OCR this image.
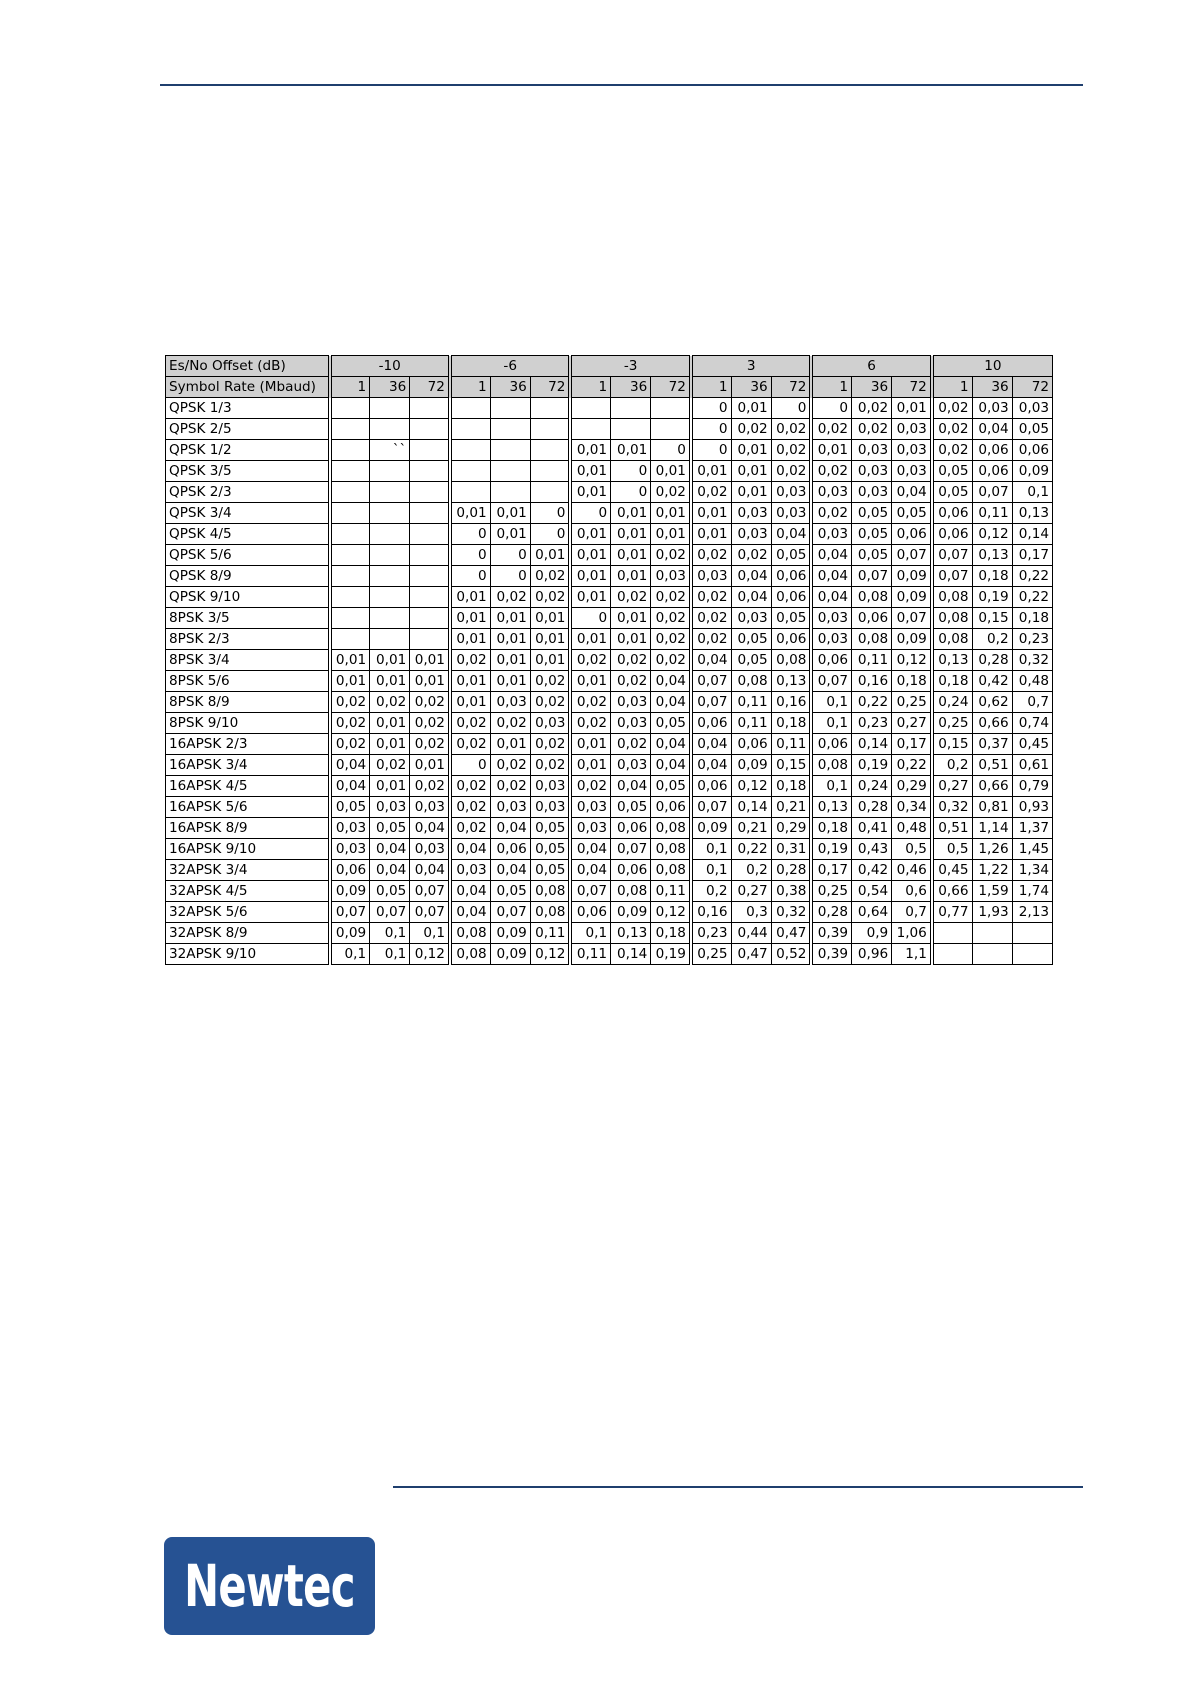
Es/No Offset (dB)	-10			-6			-3			3			6			10		
Symbol Rate (Mbaud)	1	36	72	1	36	72	1	36	72	1	36	72	1	36	72	1	36	72
QPSK 1/3										0	0,01	0	0	0,02	0,01	0,02	0,03	0,03
QPSK 2/5										0	0,02	0,02	0,02	0,02	0,03	0,02	0,04	0,05
QPSK 1/2		``					0,01	0,01	0	0	0,01	0,02	0,01	0,03	0,03	0,02	0,06	0,06
QPSK 3/5							0,01	0	0,01	0,01	0,01	0,02	0,02	0,03	0,03	0,05	0,06	0,09
QPSK 2/3							0,01	0	0,02	0,02	0,01	0,03	0,03	0,03	0,04	0,05	0,07	0,1
QPSK 3/4				0,01	0,01	0	0	0,01	0,01	0,01	0,03	0,03	0,02	0,05	0,05	0,06	0,11	0,13
QPSK 4/5				0	0,01	0	0,01	0,01	0,01	0,01	0,03	0,04	0,03	0,05	0,06	0,06	0,12	0,14
QPSK 5/6				0	0	0,01	0,01	0,01	0,02	0,02	0,02	0,05	0,04	0,05	0,07	0,07	0,13	0,17
QPSK 8/9				0	0	0,02	0,01	0,01	0,03	0,03	0,04	0,06	0,04	0,07	0,09	0,07	0,18	0,22
QPSK 9/10				0,01	0,02	0,02	0,01	0,02	0,02	0,02	0,04	0,06	0,04	0,08	0,09	0,08	0,19	0,22
8PSK 3/5				0,01	0,01	0,01	0	0,01	0,02	0,02	0,03	0,05	0,03	0,06	0,07	0,08	0,15	0,18
8PSK 2/3				0,01	0,01	0,01	0,01	0,01	0,02	0,02	0,05	0,06	0,03	0,08	0,09	0,08	0,2	0,23
8PSK 3/4	0,01	0,01	0,01	0,02	0,01	0,01	0,02	0,02	0,02	0,04	0,05	0,08	0,06	0,11	0,12	0,13	0,28	0,32
8PSK 5/6	0,01	0,01	0,01	0,01	0,01	0,02	0,01	0,02	0,04	0,07	0,08	0,13	0,07	0,16	0,18	0,18	0,42	0,48
8PSK 8/9	0,02	0,02	0,02	0,01	0,03	0,02	0,02	0,03	0,04	0,07	0,11	0,16	0,1	0,22	0,25	0,24	0,62	0,7
8PSK 9/10	0,02	0,01	0,02	0,02	0,02	0,03	0,02	0,03	0,05	0,06	0,11	0,18	0,1	0,23	0,27	0,25	0,66	0,74
16APSK 2/3	0,02	0,01	0,02	0,02	0,01	0,02	0,01	0,02	0,04	0,04	0,06	0,11	0,06	0,14	0,17	0,15	0,37	0,45
16APSK 3/4	0,04	0,02	0,01	0	0,02	0,02	0,01	0,03	0,04	0,04	0,09	0,15	0,08	0,19	0,22	0,2	0,51	0,61
16APSK 4/5	0,04	0,01	0,02	0,02	0,02	0,03	0,02	0,04	0,05	0,06	0,12	0,18	0,1	0,24	0,29	0,27	0,66	0,79
16APSK 5/6	0,05	0,03	0,03	0,02	0,03	0,03	0,03	0,05	0,06	0,07	0,14	0,21	0,13	0,28	0,34	0,32	0,81	0,93
16APSK 8/9	0,03	0,05	0,04	0,02	0,04	0,05	0,03	0,06	0,08	0,09	0,21	0,29	0,18	0,41	0,48	0,51	1,14	1,37
16APSK 9/10	0,03	0,04	0,03	0,04	0,06	0,05	0,04	0,07	0,08	0,1	0,22	0,31	0,19	0,43	0,5	0,5	1,26	1,45
32APSK 3/4	0,06	0,04	0,04	0,03	0,04	0,05	0,04	0,06	0,08	0,1	0,2	0,28	0,17	0,42	0,46	0,45	1,22	1,34
32APSK 4/5	0,09	0,05	0,07	0,04	0,05	0,08	0,07	0,08	0,11	0,2	0,27	0,38	0,25	0,54	0,6	0,66	1,59	1,74
32APSK 5/6	0,07	0,07	0,07	0,04	0,07	0,08	0,06	0,09	0,12	0,16	0,3	0,32	0,28	0,64	0,7	0,77	1,93	2,13
32APSK 8/9	0,09	0,1	0,1	0,08	0,09	0,11	0,1	0,13	0,18	0,23	0,44	0,47	0,39	0,9	1,06			
32APSK 9/10	0,1	0,1	0,12	0,08	0,09	0,12	0,11	0,14	0,19	0,25	0,47	0,52	0,39	0,96	1,1			
Newtec
